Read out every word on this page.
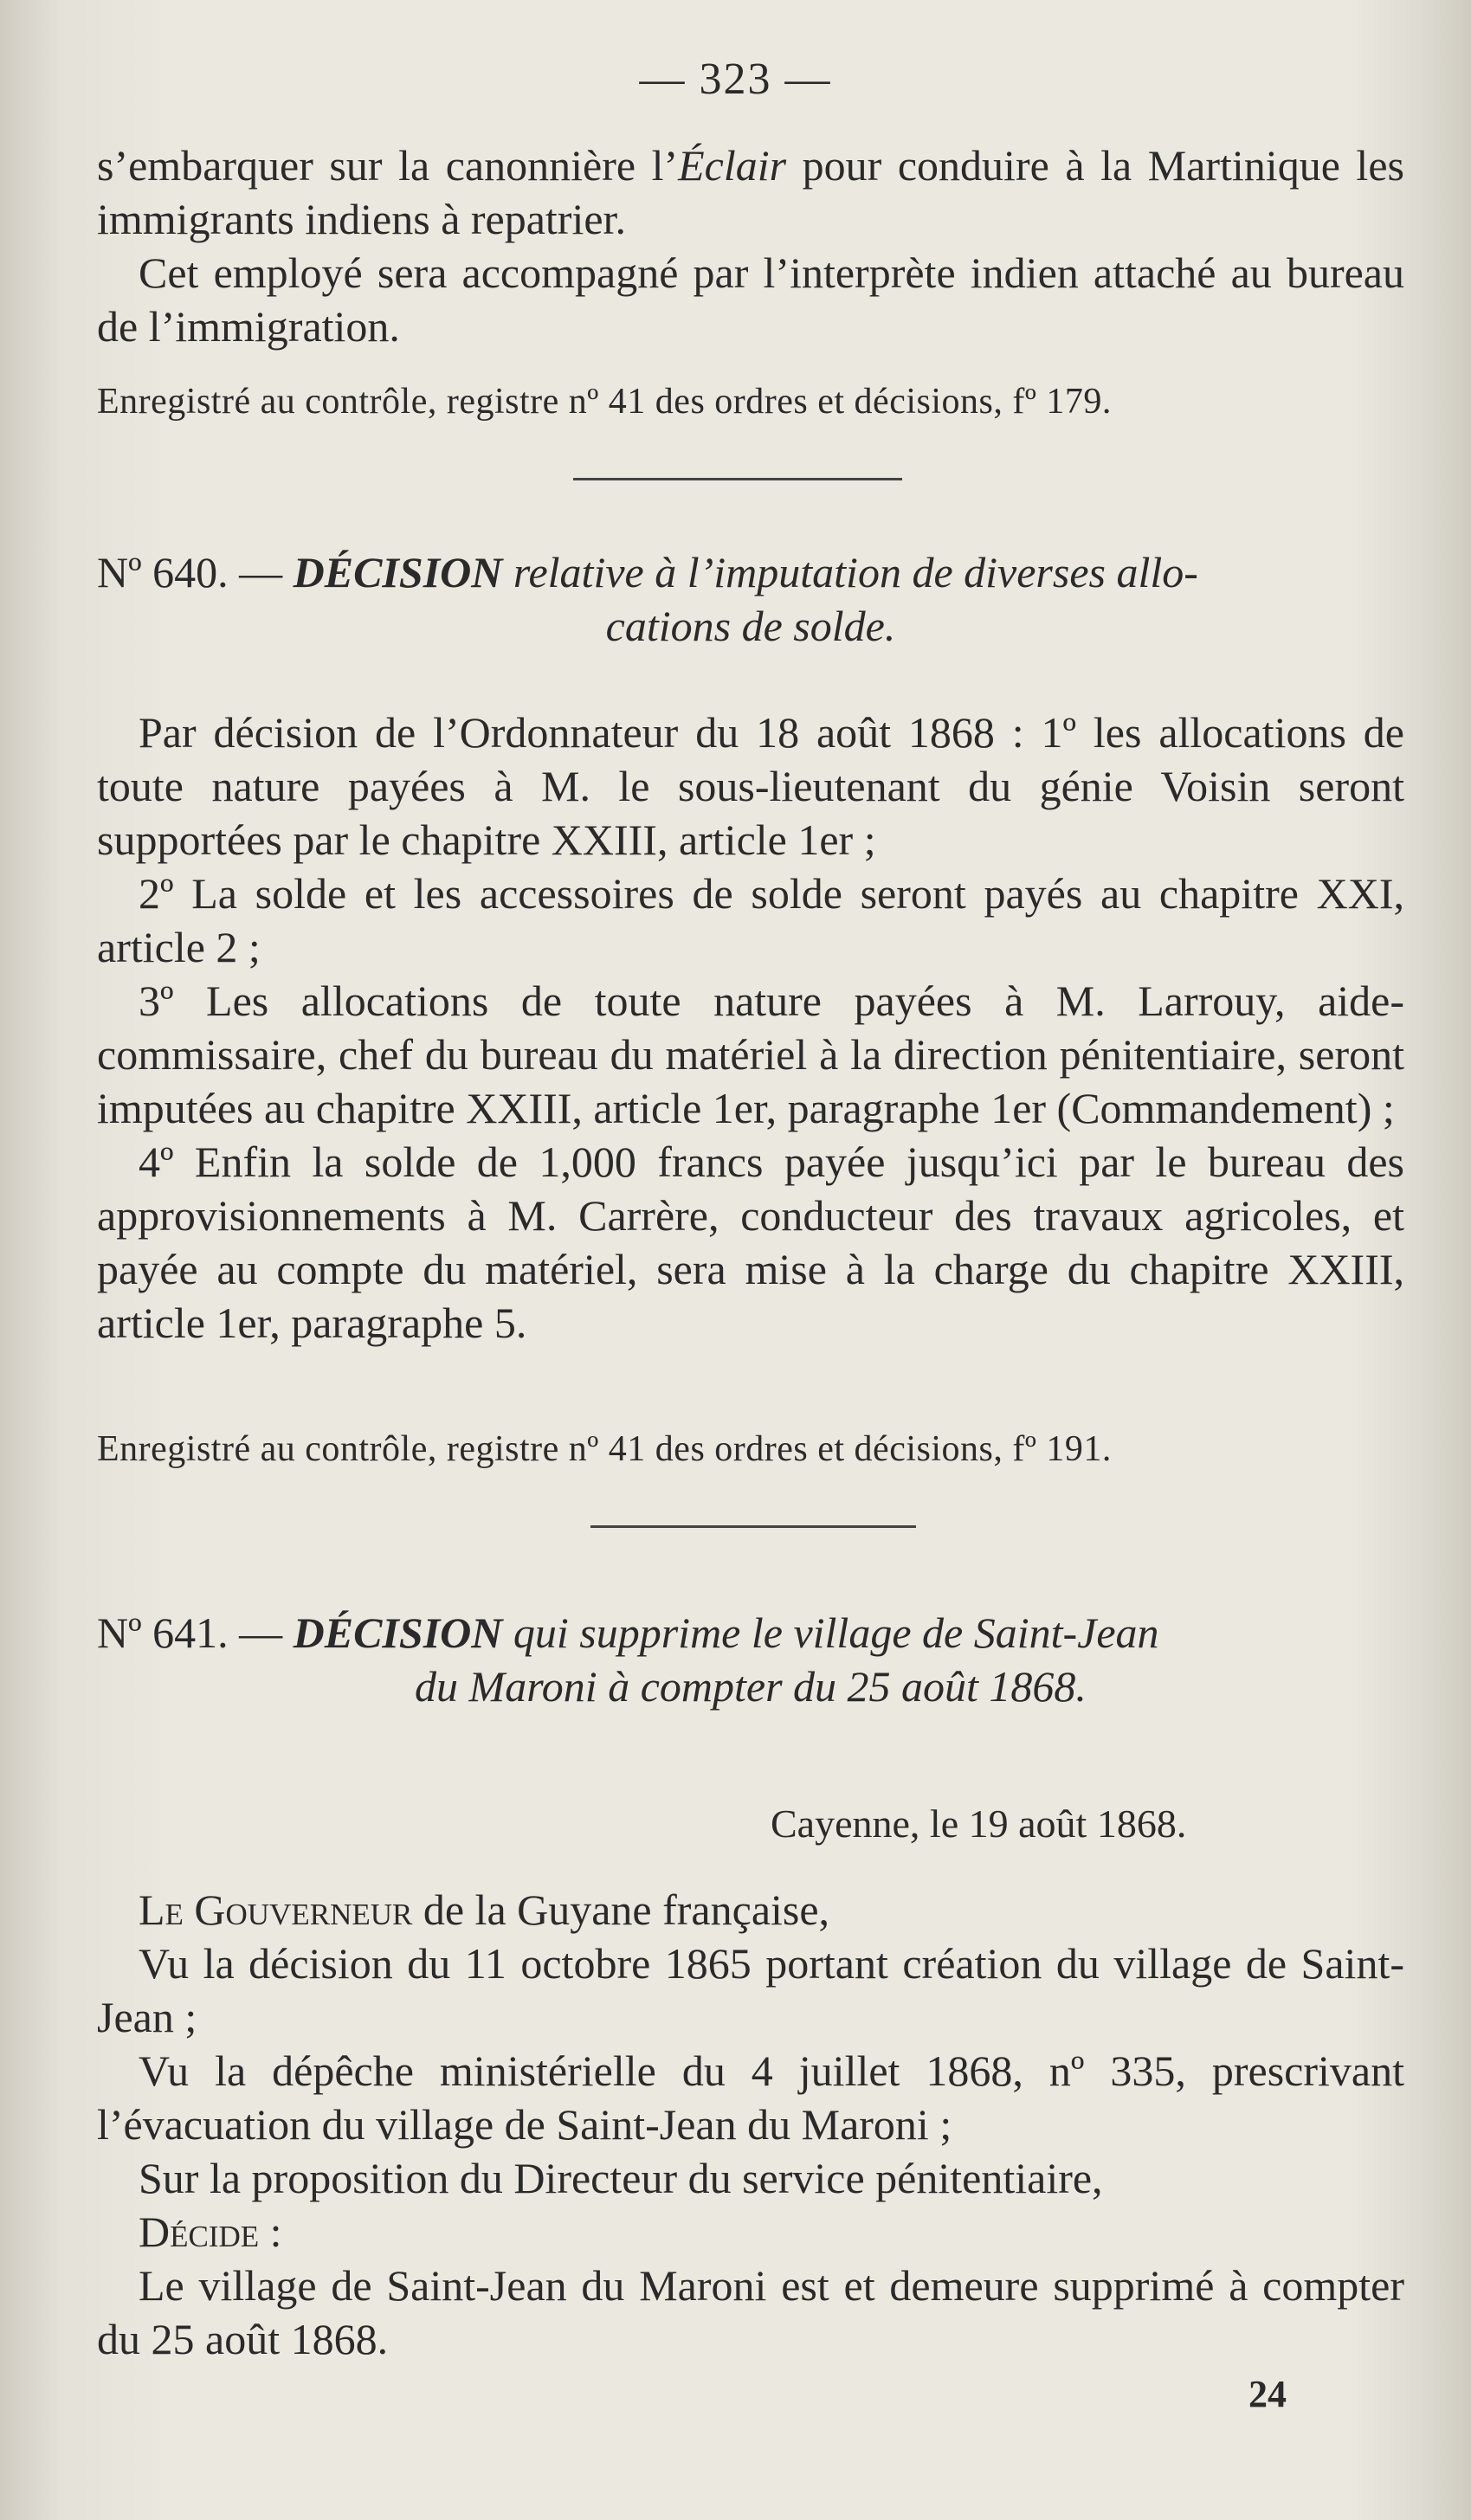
— 323 —

s’embarquer sur la canonnière l’Éclair pour conduire à la Martinique les immigrants indiens à repatrier.

Cet employé sera accompagné par l’interprète indien attaché au bureau de l’immigration.

Enregistré au contrôle, registre nº 41 des ordres et décisions, fº 179.
Nº 640. — DÉCISION relative à l’imputation de diverses allo-
cations de solde.

Par décision de l’Ordonnateur du 18 août 1868 : 1º les allocations de toute nature payées à M. le sous-lieutenant du génie Voisin seront supportées par le chapitre XXIII, article 1er ;

2º La solde et les accessoires de solde seront payés au chapitre XXI, article 2 ;

3º Les allocations de toute nature payées à M. Larrouy, aide-commissaire, chef du bureau du matériel à la direction pénitentiaire, seront imputées au chapitre XXIII, article 1er, paragraphe 1er (Commandement) ;

4º Enfin la solde de 1,000 francs payée jusqu’ici par le bureau des approvisionnements à M. Carrère, conducteur des travaux agricoles, et payée au compte du matériel, sera mise à la charge du chapitre XXIII, article 1er, paragraphe 5.

Enregistré au contrôle, registre nº 41 des ordres et décisions, fº 191.
Nº 641. — DÉCISION qui supprime le village de Saint-Jean
du Maroni à compter du 25 août 1868.
Cayenne, le 19 août 1868.

Le Gouverneur de la Guyane française,

Vu la décision du 11 octobre 1865 portant création du village de Saint-Jean ;

Vu la dépêche ministérielle du 4 juillet 1868, nº 335, prescrivant l’évacuation du village de Saint-Jean du Maroni ;

Sur la proposition du Directeur du service pénitentiaire,

Décide :

Le village de Saint-Jean du Maroni est et demeure supprimé à compter du 25 août 1868.

24
